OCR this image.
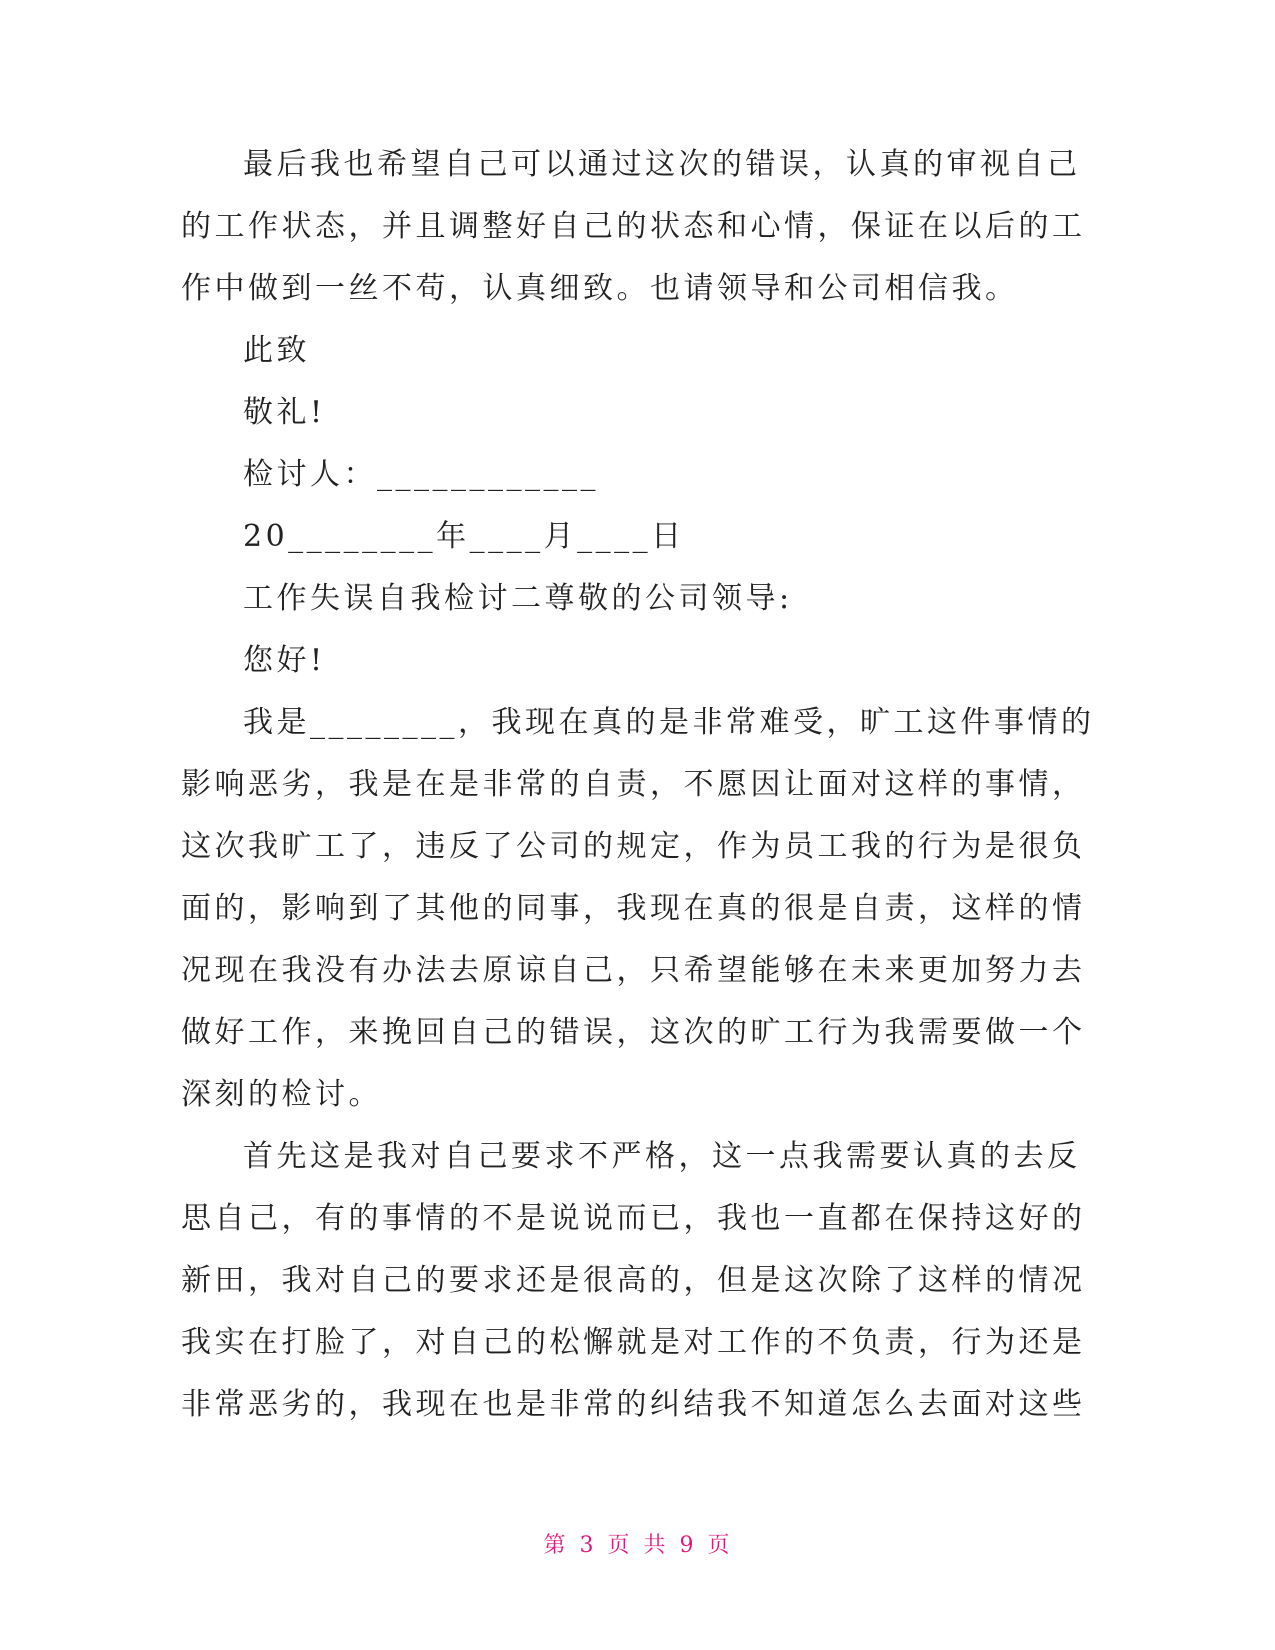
最后我也希望自己可以通过这次的错误，认真的审视自己
的工作状态，并且调整好自己的状态和心情，保证在以后的工
作中做到一丝不苟，认真细致。也请领导和公司相信我。
此致
敬礼!
检讨人：____________
20________年____月____日
工作失误自我检讨二尊敬的公司领导:
您好!
我是________，我现在真的是非常难受，旷工这件事情的
影响恶劣，我是在是非常的自责，不愿因让面对这样的事情，
这次我旷工了，违反了公司的规定，作为员工我的行为是很负
面的，影响到了其他的同事，我现在真的很是自责，这样的情
况现在我没有办法去原谅自己，只希望能够在未来更加努力去
做好工作，来挽回自己的错误，这次的旷工行为我需要做一个
深刻的检讨。
首先这是我对自己要求不严格，这一点我需要认真的去反
思自己，有的事情的不是说说而已，我也一直都在保持这好的
新田，我对自己的要求还是很高的，但是这次除了这样的情况
我实在打脸了，对自己的松懈就是对工作的不负责，行为还是
非常恶劣的，我现在也是非常的纠结我不知道怎么去面对这些
第 3 页 共 9 页
